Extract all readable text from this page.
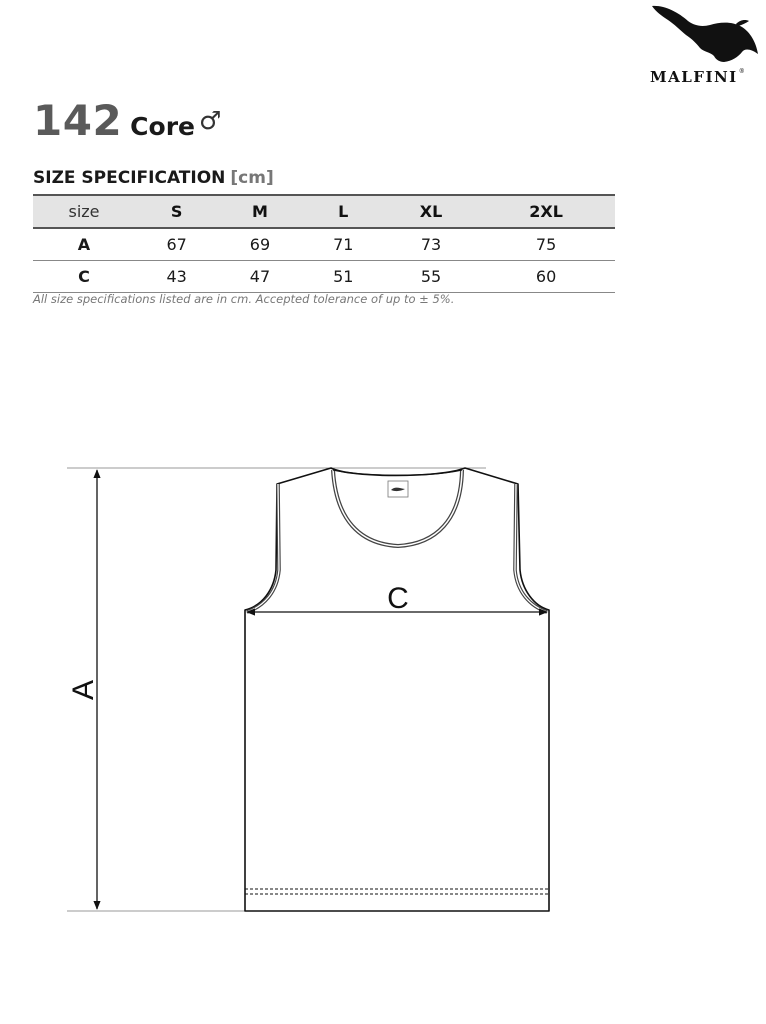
MALFINI®
142 Core ♂
SIZE SPECIFICATION [cm]
size	S	M	L	XL	2XL
A	67	69	71	73	75
C	43	47	51	55	60
All size specifications listed are in cm. Accepted tolerance of up to ± 5%.
A
C
